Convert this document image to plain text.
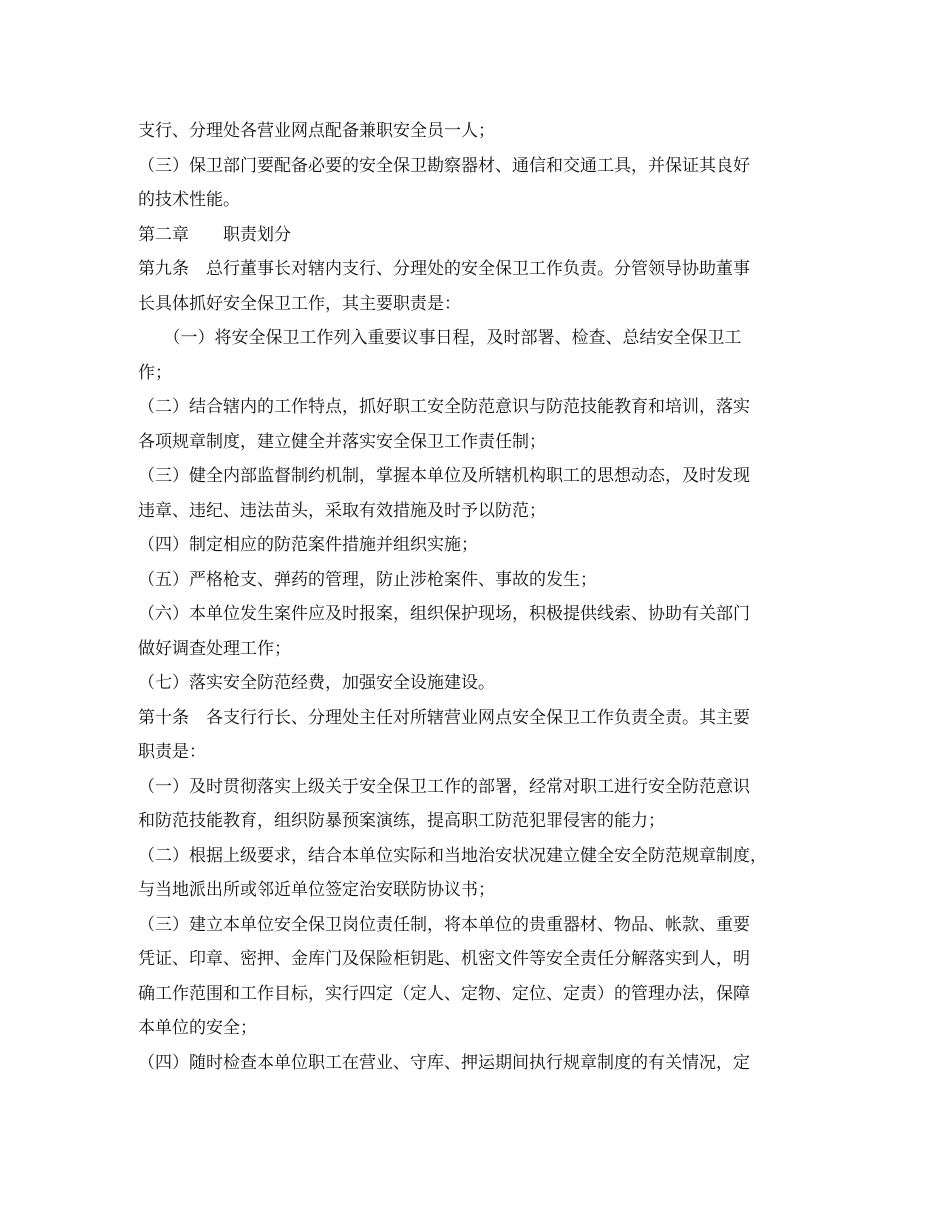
支行、分理处各营业网点配备兼职安全员一人；
（三）保卫部门要配备必要的安全保卫勘察器材、通信和交通工具，并保证其良好
的技术性能。
第二章　　职责划分
第九条　总行董事长对辖内支行、分理处的安全保卫工作负责。分管领导协助董事
长具体抓好安全保卫工作，其主要职责是：
　　（一）将安全保卫工作列入重要议事日程，及时部署、检查、总结安全保卫工
作；
（二）结合辖内的工作特点，抓好职工安全防范意识与防范技能教育和培训，落实
各项规章制度，建立健全并落实安全保卫工作责任制；
（三）健全内部监督制约机制，掌握本单位及所辖机构职工的思想动态，及时发现
违章、违纪、违法苗头，采取有效措施及时予以防范；
（四）制定相应的防范案件措施并组织实施；
（五）严格枪支、弹药的管理，防止涉枪案件、事故的发生；
（六）本单位发生案件应及时报案，组织保护现场，积极提供线索、协助有关部门
做好调查处理工作；
（七）落实安全防范经费，加强安全设施建设。
第十条　各支行行长、分理处主任对所辖营业网点安全保卫工作负责全责。其主要
职责是：
（一）及时贯彻落实上级关于安全保卫工作的部署，经常对职工进行安全防范意识
和防范技能教育，组织防暴预案演练，提高职工防范犯罪侵害的能力；
（二）根据上级要求，结合本单位实际和当地治安状况建立健全安全防范规章制度，
与当地派出所或邻近单位签定治安联防协议书；
（三）建立本单位安全保卫岗位责任制，将本单位的贵重器材、物品、帐款、重要
凭证、印章、密押、金库门及保险柜钥匙、机密文件等安全责任分解落实到人，明
确工作范围和工作目标，实行四定（定人、定物、定位、定责）的管理办法，保障
本单位的安全；
（四）随时检查本单位职工在营业、守库、押运期间执行规章制度的有关情况，定
